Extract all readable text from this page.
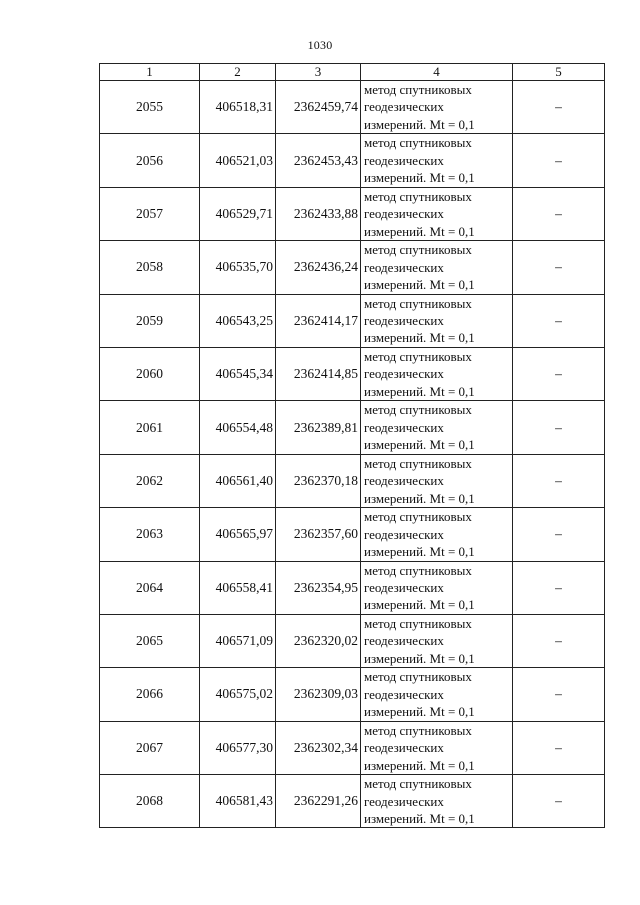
1030
1	2	3	4	5
2055	406518,31	2362459,74	метод спутниковых
геодезических
измерений. Mt = 0,1	–
2056	406521,03	2362453,43	метод спутниковых
геодезических
измерений. Mt = 0,1	–
2057	406529,71	2362433,88	метод спутниковых
геодезических
измерений. Mt = 0,1	–
2058	406535,70	2362436,24	метод спутниковых
геодезических
измерений. Mt = 0,1	–
2059	406543,25	2362414,17	метод спутниковых
геодезических
измерений. Mt = 0,1	–
2060	406545,34	2362414,85	метод спутниковых
геодезических
измерений. Mt = 0,1	–
2061	406554,48	2362389,81	метод спутниковых
геодезических
измерений. Mt = 0,1	–
2062	406561,40	2362370,18	метод спутниковых
геодезических
измерений. Mt = 0,1	–
2063	406565,97	2362357,60	метод спутниковых
геодезических
измерений. Mt = 0,1	–
2064	406558,41	2362354,95	метод спутниковых
геодезических
измерений. Mt = 0,1	–
2065	406571,09	2362320,02	метод спутниковых
геодезических
измерений. Mt = 0,1	–
2066	406575,02	2362309,03	метод спутниковых
геодезических
измерений. Mt = 0,1	–
2067	406577,30	2362302,34	метод спутниковых
геодезических
измерений. Mt = 0,1	–
2068	406581,43	2362291,26	метод спутниковых
геодезических
измерений. Mt = 0,1	–
